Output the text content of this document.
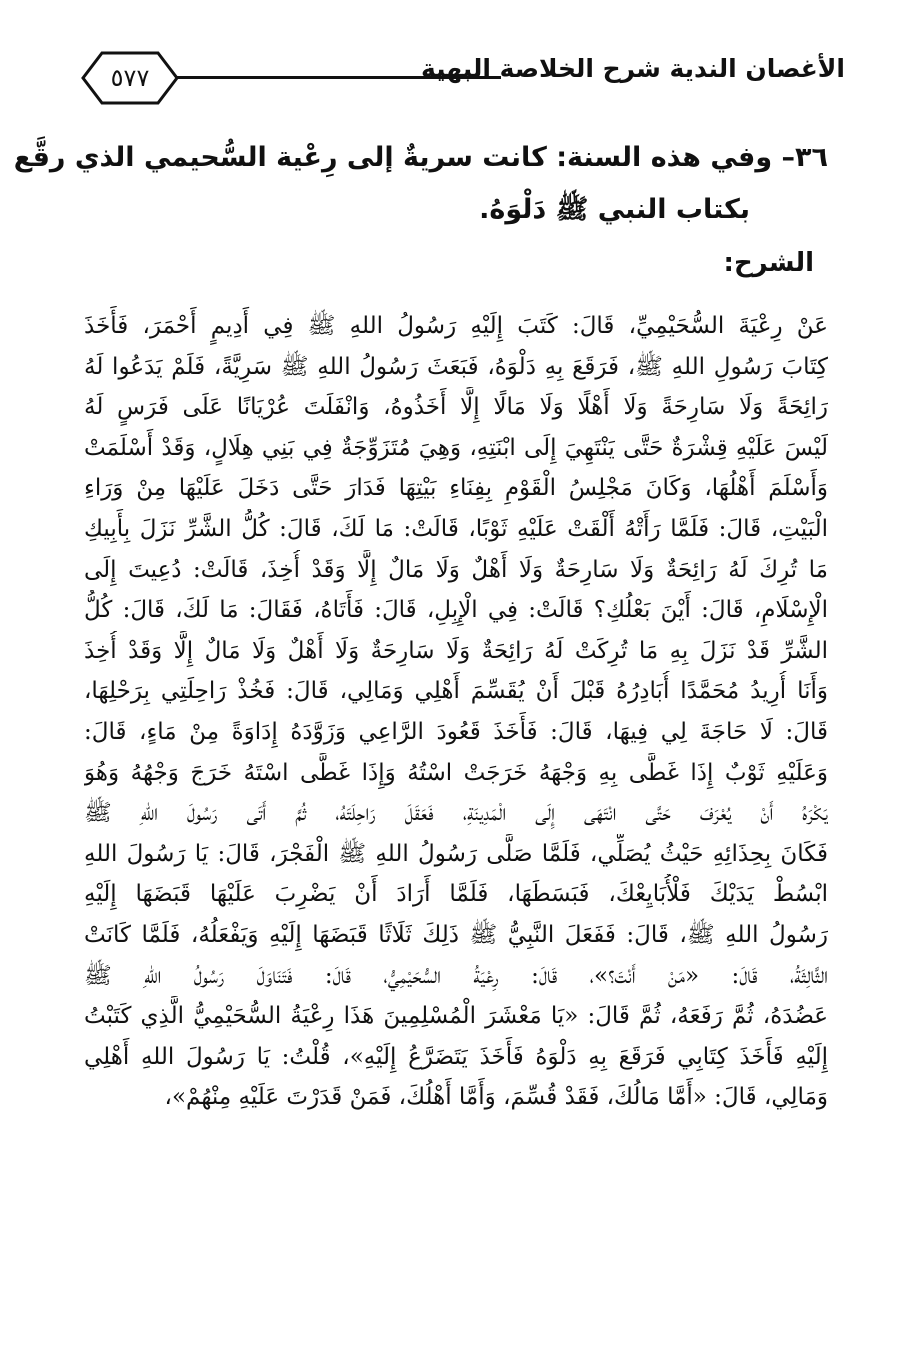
الأغصان الندية شرح الخلاصة البهية
٥٧٧
٣٦– وفي هذه السنة: كانت سريةٌ إلى رِعْية السُّحيمي الذي رقَّع
بكتاب النبي ﷺ دَلْوَهُ.
الشرح:
عَنْ رِعْيَةَ السُّحَيْمِيِّ، قَالَ: كَتَبَ إِلَيْهِ رَسُولُ اللهِ ﷺ فِي أَدِيمٍ أَحْمَرَ، فَأَخَذَ
كِتَابَ رَسُولِ اللهِ ﷺ، فَرَقَعَ بِهِ دَلْوَهُ، فَبَعَثَ رَسُولُ اللهِ ﷺ سَرِيَّةً، فَلَمْ يَدَعُوا لَهُ
رَائِحَةً وَلَا سَارِحَةً وَلَا أَهْلًا وَلَا مَالًا إِلَّا أَخَذُوهُ، وَانْفَلَتَ عُرْيَانًا عَلَى فَرَسٍ لَهُ
لَيْسَ عَلَيْهِ قِشْرَةٌ حَتَّى يَنْتَهِيَ إِلَى ابْنَتِهِ، وَهِيَ مُتَزَوِّجَةٌ فِي بَنِي هِلَالٍ، وَقَدْ أَسْلَمَتْ
وَأَسْلَمَ أَهْلُهَا، وَكَانَ مَجْلِسُ الْقَوْمِ بِفِنَاءِ بَيْتِهَا فَدَارَ حَتَّى دَخَلَ عَلَيْهَا مِنْ وَرَاءِ
الْبَيْتِ، قَالَ: فَلَمَّا رَأَتْهُ أَلْقَتْ عَلَيْهِ ثَوْبًا، قَالَتْ: مَا لَكَ، قَالَ: كُلُّ الشَّرِّ نَزَلَ بِأَبِيكِ
مَا تُرِكَ لَهُ رَائِحَةٌ وَلَا سَارِحَةٌ وَلَا أَهْلٌ وَلَا مَالٌ إِلَّا وَقَدْ أُخِذَ، قَالَتْ: دُعِيتَ إِلَى
الْإِسْلَامِ، قَالَ: أَيْنَ بَعْلُكِ؟ قَالَتْ: فِي الْإِبِلِ، قَالَ: فَأَتَاهُ، فَقَالَ: مَا لَكَ، قَالَ: كُلُّ
الشَّرِّ قَدْ نَزَلَ بِهِ مَا تُرِكَتْ لَهُ رَائِحَةٌ وَلَا سَارِحَةٌ وَلَا أَهْلٌ وَلَا مَالٌ إِلَّا وَقَدْ أُخِذَ
وَأَنَا أُرِيدُ مُحَمَّدًا أُبَادِرُهُ قَبْلَ أَنْ يُقَسِّمَ أَهْلِي وَمَالِي، قَالَ: فَخُذْ رَاحِلَتِي بِرَحْلِهَا،
قَالَ: لَا حَاجَةَ لِي فِيهَا، قَالَ: فَأَخَذَ قَعُودَ الرَّاعِي وَزَوَّدَهُ إِدَاوَةً مِنْ مَاءٍ، قَالَ:
وَعَلَيْهِ ثَوْبٌ إِذَا غَطَّى بِهِ وَجْهَهُ خَرَجَتْ اسْتُهُ وَإِذَا غَطَّى اسْتَهُ خَرَجَ وَجْهُهُ وَهُوَ
يَكْرَهُ أَنْ يُعْرَفَ حَتَّى انْتَهَى إِلَى الْمَدِينَةِ، فَعَقَلَ رَاحِلَتَهُ، ثُمَّ أَتَى رَسُولَ اللهِ ﷺ
فَكَانَ بِحِذَائِهِ حَيْثُ يُصَلِّي، فَلَمَّا صَلَّى رَسُولُ اللهِ ﷺ الْفَجْرَ، قَالَ: يَا رَسُولَ اللهِ
ابْسُطْ يَدَيْكَ فَلْأُبَايِعْكَ، فَبَسَطَهَا، فَلَمَّا أَرَادَ أَنْ يَضْرِبَ عَلَيْهَا قَبَضَهَا إِلَيْهِ
رَسُولُ اللهِ ﷺ، قَالَ: فَفَعَلَ النَّبِيُّ ﷺ ذَلِكَ ثَلَاثًا قَبَضَهَا إِلَيْهِ وَيَفْعَلُهُ، فَلَمَّا كَانَتْ
الثَّالِثَةُ، قَالَ: «مَنْ أَنْتَ؟»، قَالَ: رِعْيَةُ السُّحَيْمِيُّ، قَالَ: فَتَنَاوَلَ رَسُولُ اللهِ ﷺ
عَضُدَهُ، ثُمَّ رَفَعَهُ، ثُمَّ قَالَ: «يَا مَعْشَرَ الْمُسْلِمِينَ هَذَا رِعْيَةُ السُّحَيْمِيُّ الَّذِي كَتَبْتُ
إِلَيْهِ فَأَخَذَ كِتَابِي فَرَقَعَ بِهِ دَلْوَهُ فَأَخَذَ يَتَضَرَّعُ إِلَيْهِ»، قُلْتُ: يَا رَسُولَ اللهِ أَهْلِي
وَمَالِي، قَالَ: «أَمَّا مَالُكَ، فَقَدْ قُسِّمَ، وَأَمَّا أَهْلُكَ، فَمَنْ قَدَرْتَ عَلَيْهِ مِنْهُمْ»،
